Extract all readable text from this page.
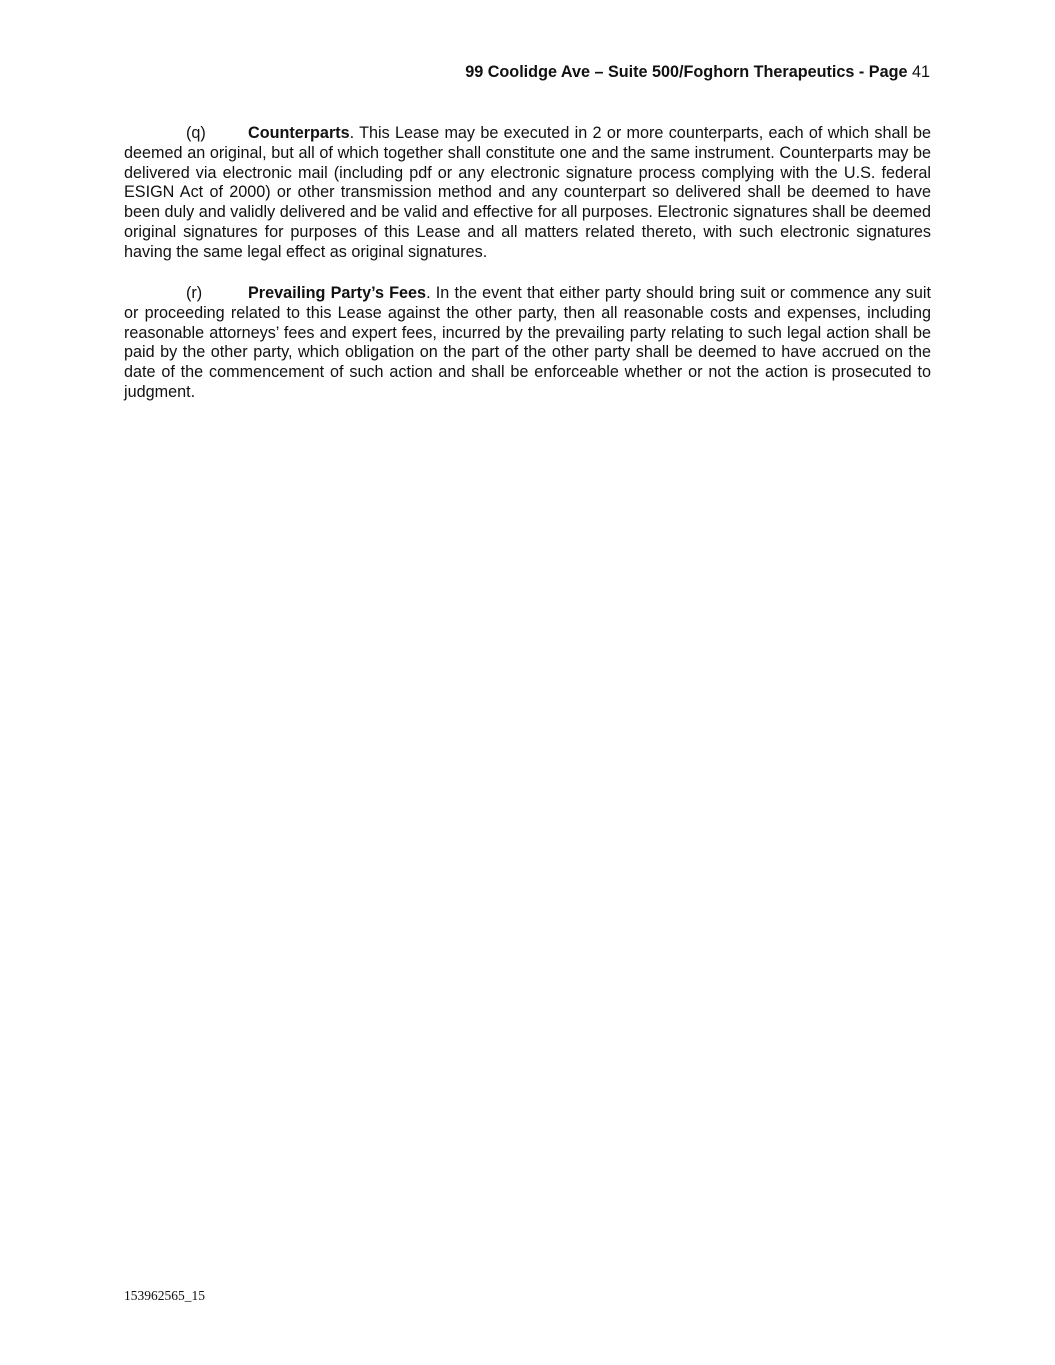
99 Coolidge Ave – Suite 500/Foghorn Therapeutics - Page 41

(q)	Counterparts. This Lease may be executed in 2 or more counterparts, each of which shall be deemed an original, but all of which together shall constitute one and the same instrument. Counterparts may be delivered via electronic mail (including pdf or any electronic signature process complying with the U.S. federal ESIGN Act of 2000) or other transmission method and any counterpart so delivered shall be deemed to have been duly and validly delivered and be valid and effective for all purposes. Electronic signatures shall be deemed original signatures for purposes of this Lease and all matters related thereto, with such electronic signatures having the same legal effect as original signatures.

(r)	Prevailing Party’s Fees. In the event that either party should bring suit or commence any suit or proceeding related to this Lease against the other party, then all reasonable costs and expenses, including reasonable attorneys’ fees and expert fees, incurred by the prevailing party relating to such legal action shall be paid by the other party, which obligation on the part of the other party shall be deemed to have accrued on the date of the commencement of such action and shall be enforceable whether or not the action is prosecuted to judgment.

153962565_15
